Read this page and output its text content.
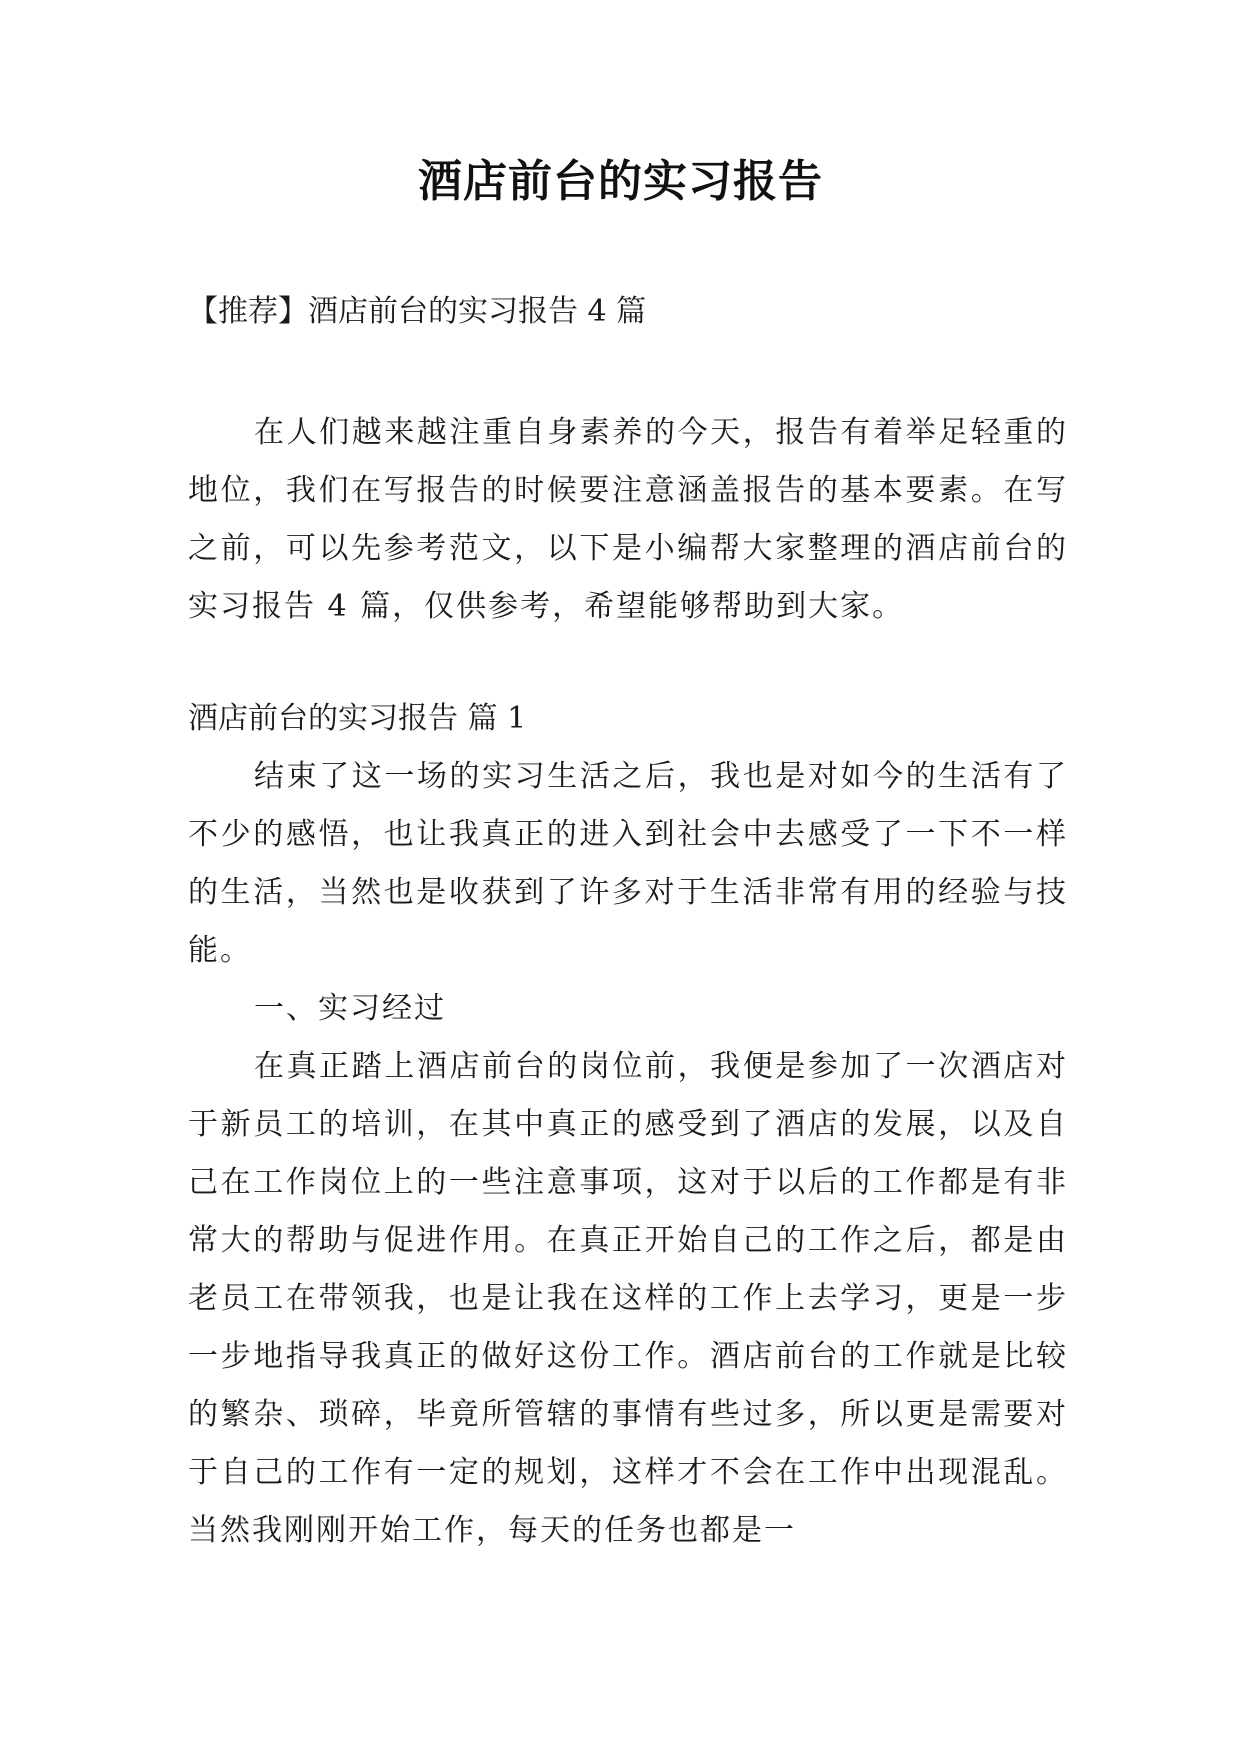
酒店前台的实习报告
【推荐】酒店前台的实习报告 4 篇

在人们越来越注重自身素养的今天，报告有着举足轻重的地位，我们在写报告的时候要注意涵盖报告的基本要素。在写之前，可以先参考范文，以下是小编帮大家整理的酒店前台的实习报告 4 篇，仅供参考，希望能够帮助到大家。

酒店前台的实习报告 篇 1

结束了这一场的实习生活之后，我也是对如今的生活有了不少的感悟，也让我真正的进入到社会中去感受了一下不一样的生活，当然也是收获到了许多对于生活非常有用的经验与技能。

一、实习经过

在真正踏上酒店前台的岗位前，我便是参加了一次酒店对于新员工的培训，在其中真正的感受到了酒店的发展，以及自己在工作岗位上的一些注意事项，这对于以后的工作都是有非常大的帮助与促进作用。在真正开始自己的工作之后，都是由老员工在带领我，也是让我在这样的工作上去学习，更是一步一步地指导我真正的做好这份工作。酒店前台的工作就是比较的繁杂、琐碎，毕竟所管辖的事情有些过多，所以更是需要对于自己的工作有一定的规划，这样才不会在工作中出现混乱。当然我刚刚开始工作，每天的任务也都是一
